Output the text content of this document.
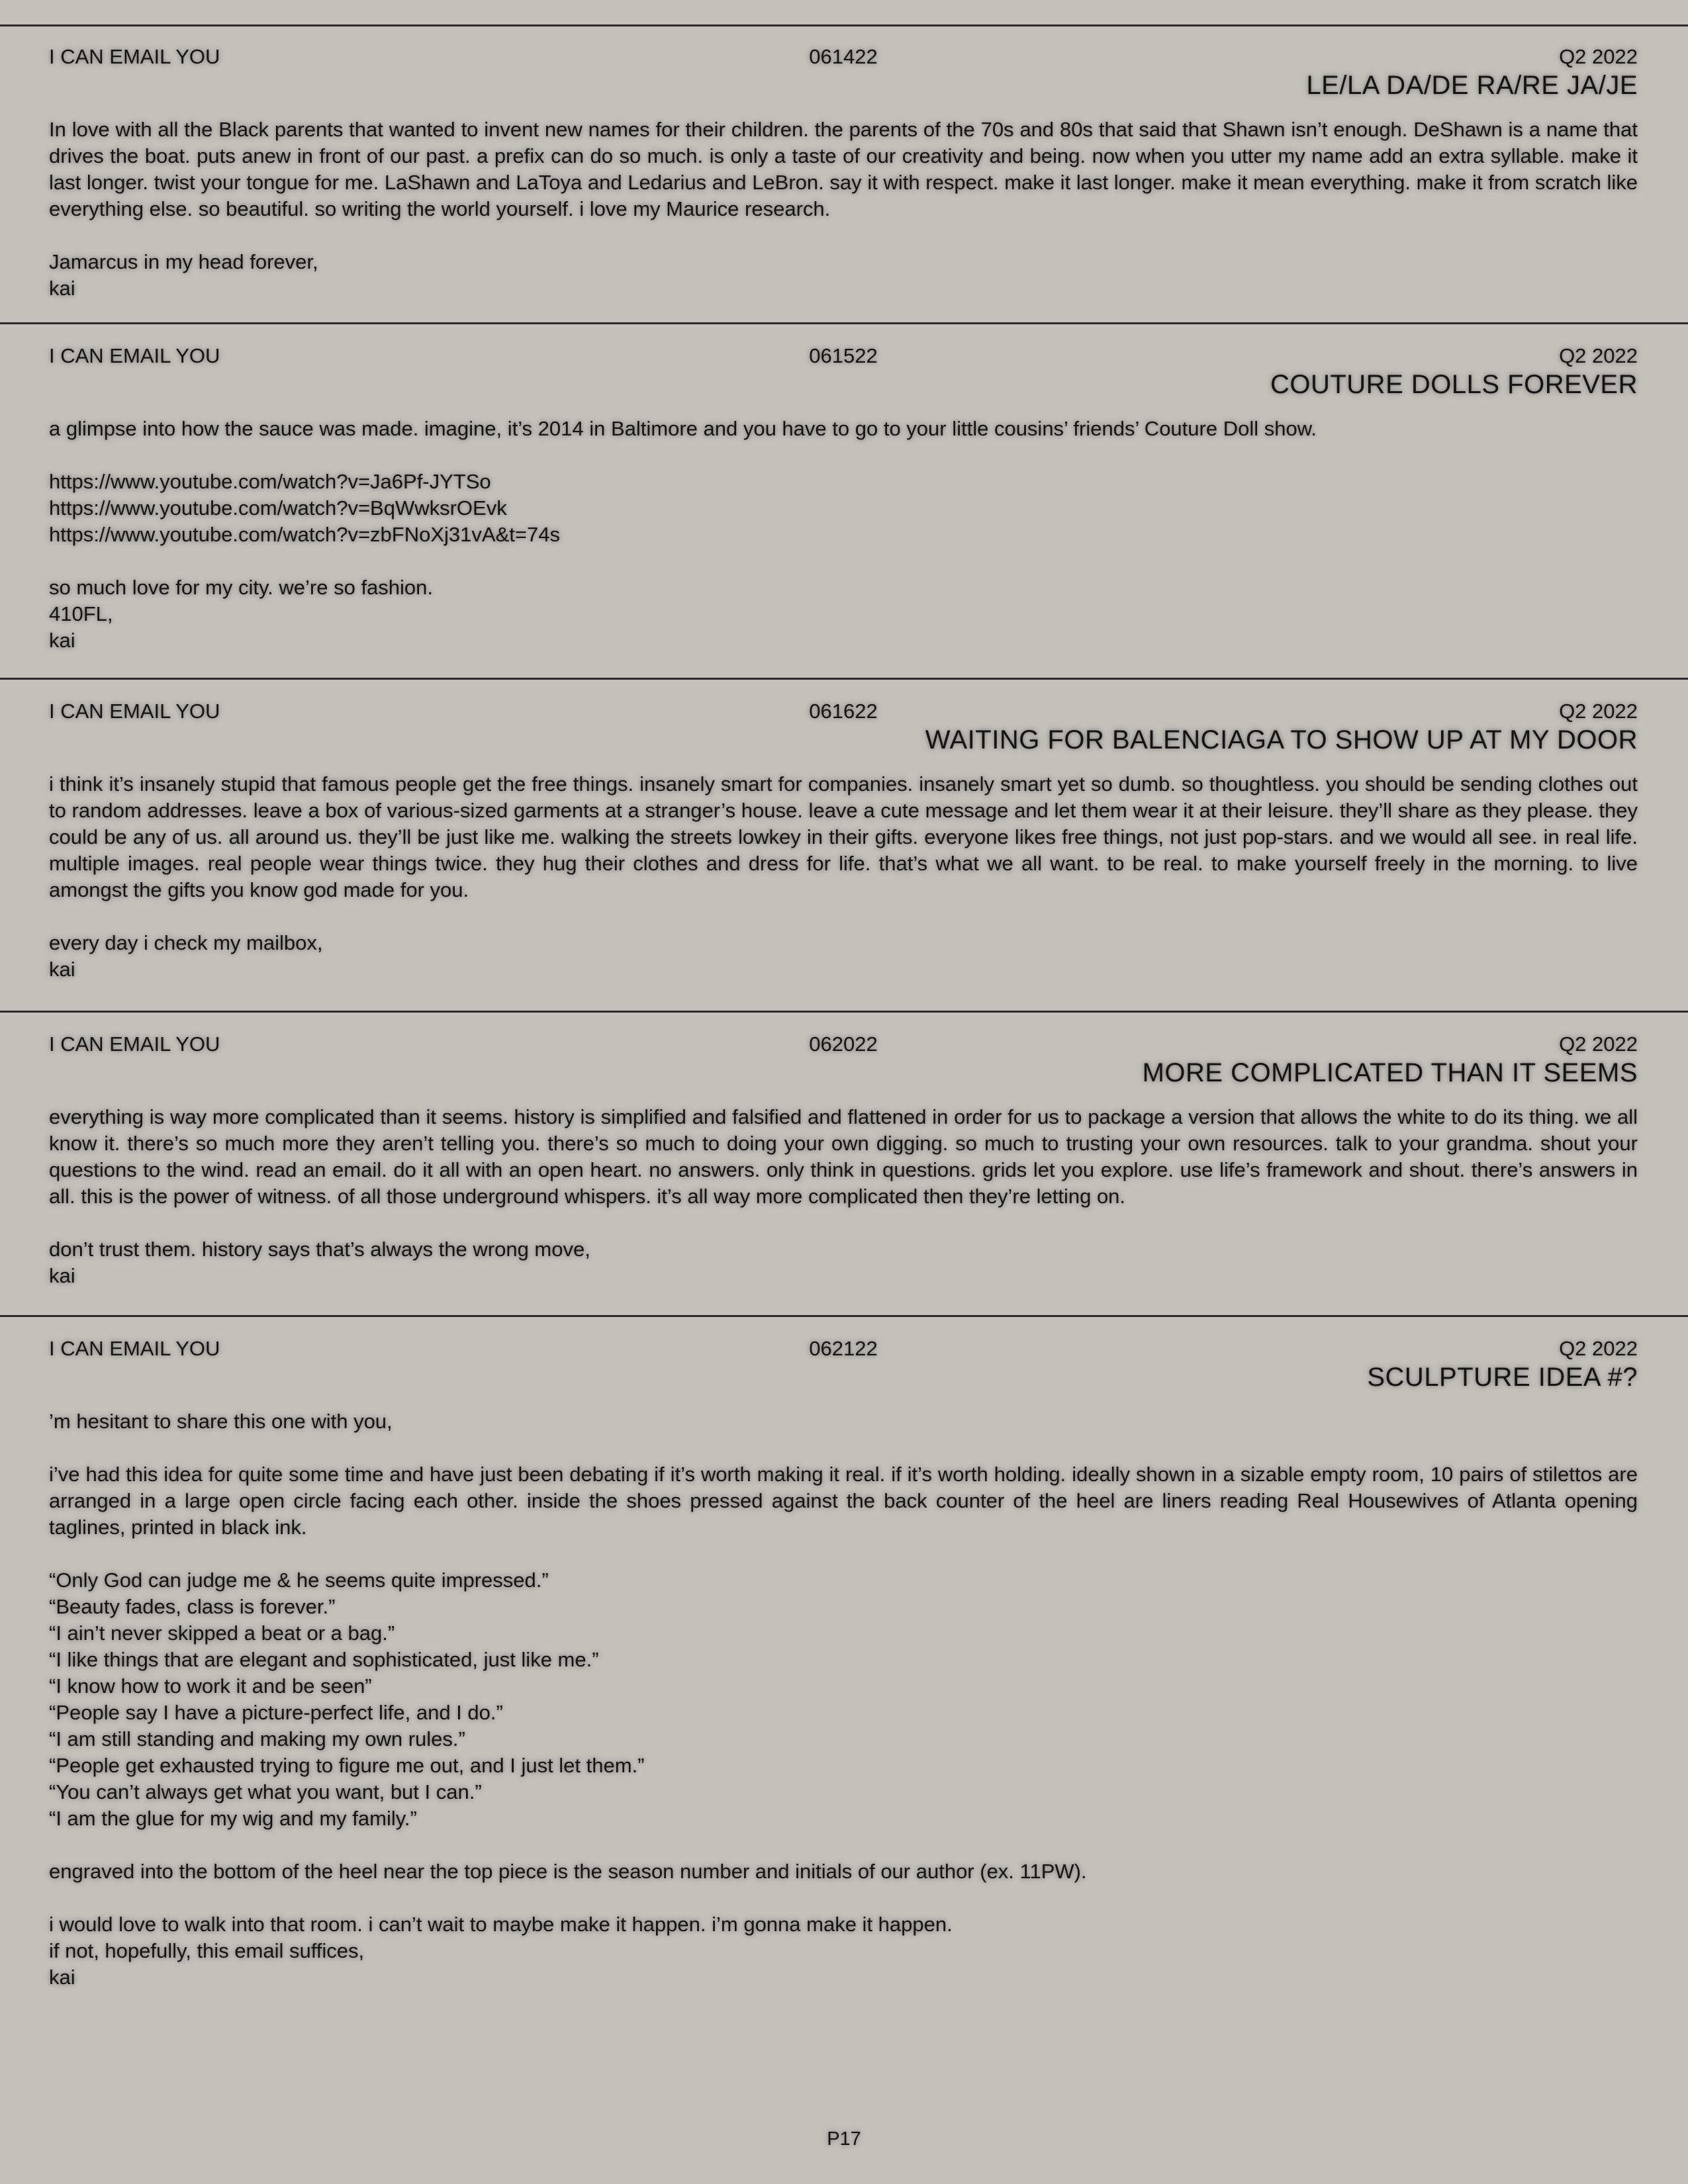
I CAN EMAIL YOU	061422	Q2 2022
LE/LA DA/DE RA/RE JA/JE

In love with all the Black parents that wanted to invent new names for their children. the parents of the 70s and 80s that said that Shawn isn’t enough. DeShawn is a name that drives the boat. puts anew in front of our past. a prefix can do so much. is only a taste of our creativity and being. now when you utter my name add an extra syllable. make it last longer. twist your tongue for me. LaShawn and LaToya and Ledarius and LeBron. say it with respect. make it last longer. make it mean everything. make it from scratch like everything else. so beautiful. so writing the world yourself. i love my Maurice research.

Jamarcus in my head forever,
kai

I CAN EMAIL YOU	061522	Q2 2022
COUTURE DOLLS FOREVER

a glimpse into how the sauce was made. imagine, it’s 2014 in Baltimore and you have to go to your little cousins’ friends’ Couture Doll show.

https://www.youtube.com/watch?v=Ja6Pf-JYTSo
https://www.youtube.com/watch?v=BqWwksrOEvk
https://www.youtube.com/watch?v=zbFNoXj31vA&t=74s

so much love for my city. we’re so fashion.
410FL,
kai

I CAN EMAIL YOU	061622	Q2 2022
WAITING FOR BALENCIAGA TO SHOW UP AT MY DOOR

i think it’s insanely stupid that famous people get the free things. insanely smart for companies. insanely smart yet so dumb. so thoughtless. you should be sending clothes out to random addresses. leave a box of various-sized garments at a stranger’s house. leave a cute message and let them wear it at their leisure. they’ll share as they please. they could be any of us. all around us. they’ll be just like me. walking the streets lowkey in their gifts. everyone likes free things, not just pop-stars. and we would all see. in real life. multiple images. real people wear things twice. they hug their clothes and dress for life. that’s what we all want. to be real. to make yourself freely in the morning. to live amongst the gifts you know god made for you.

every day i check my mailbox,
kai

I CAN EMAIL YOU	062022	Q2 2022
MORE COMPLICATED THAN IT SEEMS

everything is way more complicated than it seems. history is simplified and falsified and flattened in order for us to package a version that allows the white to do its thing. we all know it. there’s so much more they aren’t telling you. there’s so much to doing your own digging. so much to trusting your own resources. talk to your grandma. shout your questions to the wind. read an email. do it all with an open heart. no answers. only think in questions. grids let you explore. use life’s framework and shout. there’s answers in all. this is the power of witness. of all those underground whispers. it’s all way more complicated then they’re letting on.

don’t trust them. history says that’s always the wrong move,
kai

I CAN EMAIL YOU	062122	Q2 2022
SCULPTURE IDEA #?

’m hesitant to share this one with you,

i’ve had this idea for quite some time and have just been debating if it’s worth making it real. if it’s worth holding. ideally shown in a sizable empty room, 10 pairs of stilettos are arranged in a large open circle facing each other. inside the shoes pressed against the back counter of the heel are liners reading Real Housewives of Atlanta opening taglines, printed in black ink.

“Only God can judge me & he seems quite impressed.”
“Beauty fades, class is forever.”
“I ain’t never skipped a beat or a bag.”
“I like things that are elegant and sophisticated, just like me.”
“I know how to work it and be seen”
“People say I have a picture-perfect life, and I do.”
“I am still standing and making my own rules.”
“People get exhausted trying to figure me out, and I just let them.”
“You can’t always get what you want, but I can.”
“I am the glue for my wig and my family.”

engraved into the bottom of the heel near the top piece is the season number and initials of our author (ex. 11PW).

i would love to walk into that room. i can’t wait to maybe make it happen. i’m gonna make it happen.
if not, hopefully, this email suffices,
kai

P17
